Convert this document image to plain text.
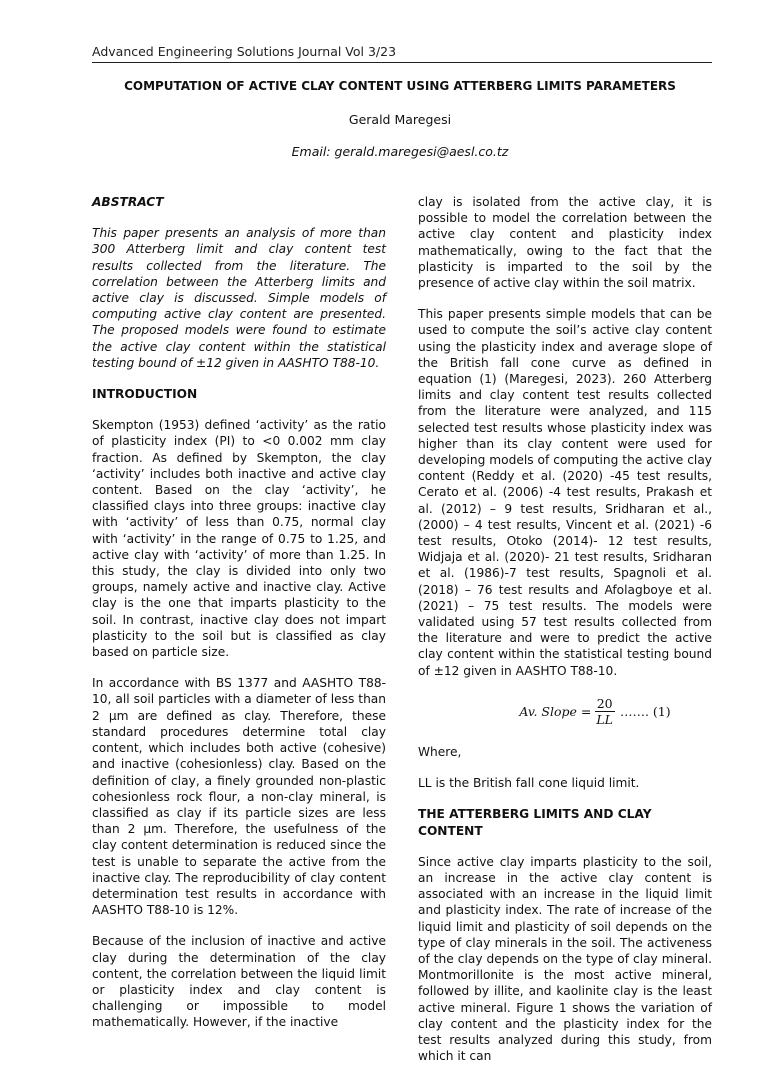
Advanced Engineering Solutions Journal Vol 3/23
COMPUTATION OF ACTIVE CLAY CONTENT USING ATTERBERG LIMITS PARAMETERS
Gerald Maregesi
Email: gerald.maregesi@aesl.co.tz
ABSTRACT

This paper presents an analysis of more than 300 Atterberg limit and clay content test results collected from the literature. The correlation between the Atterberg limits and active clay is discussed. Simple models of computing active clay content are presented. The proposed models were found to estimate the active clay content within the statistical testing bound of ±12 given in AASHTO T88-10.

INTRODUCTION

Skempton (1953) defined ‘activity’ as the ratio of plasticity index (PI) to <0 0.002 mm clay fraction. As defined by Skempton, the clay ‘activity’ includes both inactive and active clay content. Based on the clay ‘activity’, he classified clays into three groups: inactive clay with ‘activity’ of less than 0.75, normal clay with ‘activity’ in the range of 0.75 to 1.25, and active clay with ‘activity’ of more than 1.25. In this study, the clay is divided into only two groups, namely active and inactive clay. Active clay is the one that imparts plasticity to the soil. In contrast, inactive clay does not impart plasticity to the soil but is classified as clay based on particle size.

In accordance with BS 1377 and AASHTO T88-10, all soil particles with a diameter of less than 2 µm are defined as clay. Therefore, these standard procedures determine total clay content, which includes both active (cohesive) and inactive (cohesionless) clay. Based on the definition of clay, a finely grounded non-plastic cohesionless rock flour, a non-clay mineral, is classified as clay if its particle sizes are less than 2 µm. Therefore, the usefulness of the clay content determination is reduced since the test is unable to separate the active from the inactive clay. The reproducibility of clay content determination test results in accordance with AASHTO T88-10 is 12%.

Because of the inclusion of inactive and active clay during the determination of the clay content, the correlation between the liquid limit or plasticity index and clay content is challenging or impossible to model mathematically. However, if the inactive

clay is isolated from the active clay, it is possible to model the correlation between the active clay content and plasticity index mathematically, owing to the fact that the plasticity is imparted to the soil by the presence of active clay within the soil matrix.

This paper presents simple models that can be used to compute the soil’s active clay content using the plasticity index and average slope of the British fall cone curve as defined in equation (1) (Maregesi, 2023). 260 Atterberg limits and clay content test results collected from the literature were analyzed, and 115 selected test results whose plasticity index was higher than its clay content were used for developing models of computing the active clay content (Reddy et al. (2020) -45 test results, Cerato et al. (2006) -4 test results, Prakash et al. (2012) – 9 test results, Sridharan et al.,(2000) – 4 test results, Vincent et al. (2021) -6 test results, Otoko (2014)- 12 test results, Widjaja et al. (2020)- 21 test results, Sridharan et al. (1986)-7 test results, Spagnoli et al. (2018) – 76 test results and Afolagboye et al. (2021) – 75 test results. The models were validated using 57 test results collected from the literature and were to predict the active clay content within the statistical testing bound of ±12 given in AASHTO T88-10.

Av. Slope = $\frac{20}{LL}$ ……. (1)

Where,

LL is the British fall cone liquid limit.

THE ATTERBERG LIMITS AND CLAY CONTENT

Since active clay imparts plasticity to the soil, an increase in the active clay content is associated with an increase in the liquid limit and plasticity index. The rate of increase of the liquid limit and plasticity of soil depends on the type of clay minerals in the soil. The activeness of the clay depends on the type of clay mineral. Montmorillonite is the most active mineral, followed by illite, and kaolinite clay is the least active mineral. Figure 1 shows the variation of clay content and the plasticity index for the test results analyzed during this study, from which it can
